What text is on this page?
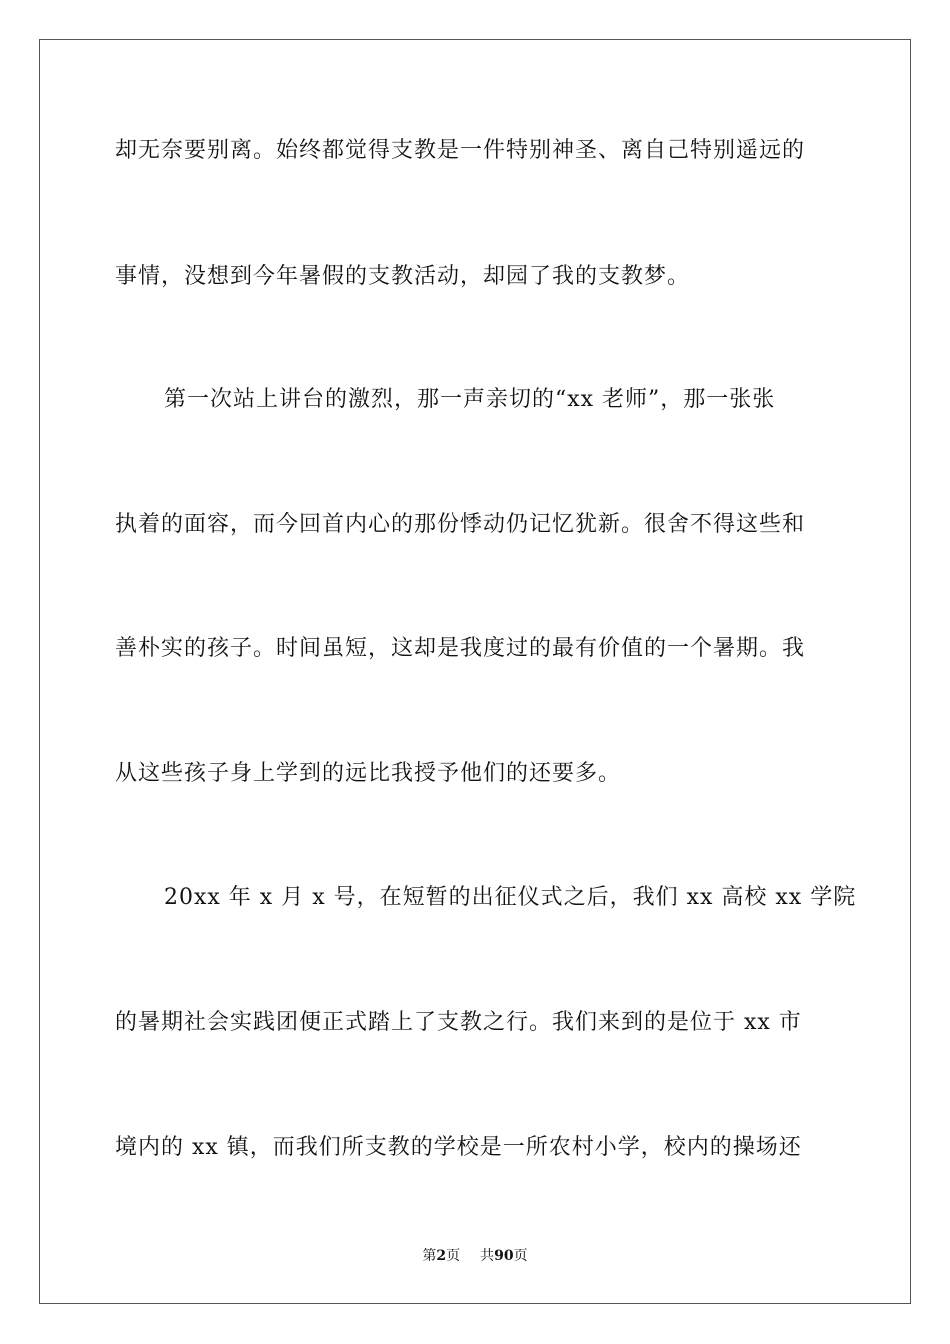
却无奈要别离。始终都觉得支教是一件特别神圣、离自己特别遥远的
事情，没想到今年暑假的支教活动，却园了我的支教梦。
第一次站上讲台的激烈，那一声亲切的“xx 老师”，那一张张
执着的面容，而今回首内心的那份悸动仍记忆犹新。很舍不得这些和
善朴实的孩子。时间虽短，这却是我度过的最有价值的一个暑期。我
从这些孩子身上学到的远比我授予他们的还要多。
20xx 年 x 月 x 号，在短暂的出征仪式之后，我们 xx 高校 xx 学院
的暑期社会实践团便正式踏上了支教之行。我们来到的是位于 xx 市
境内的 xx 镇，而我们所支教的学校是一所农村小学，校内的操场还
第2页 共90页
